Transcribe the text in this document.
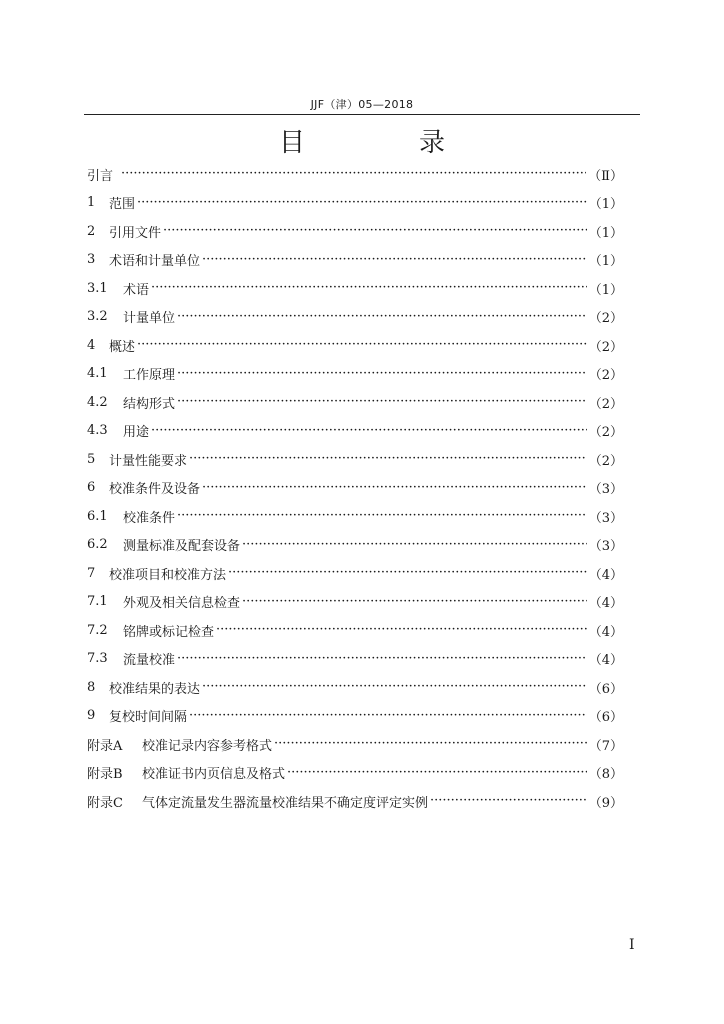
JJF（津）05—2018
目　录
引言 ·····	（Ⅱ）
1	范围 ·····	（1）
2	引用文件 ·····	（1）
3	术语和计量单位 ·····	（1）
3.1	术语 ·····	（1）
3.2	计量单位 ·····	（2）
4	概述 ·····	（2）
4.1	工作原理 ·····	（2）
4.2	结构形式 ·····	（2）
4.3	用途 ·····	（2）
5	计量性能要求 ·····	（2）
6	校准条件及设备 ·····	（3）
6.1	校准条件 ·····	（3）
6.2	测量标准及配套设备 ·····	（3）
7	校准项目和校准方法 ·····	（4）
7.1	外观及相关信息检查 ·····	（4）
7.2	铭牌或标记检查 ·····	（4）
7.3	流量校准 ·····	（4）
8	校准结果的表达 ·····	（6）
9	复校时间间隔 ·····	（6）
附录A	校准记录内容参考格式 ·····	（7）
附录B	校准证书内页信息及格式 ·····	（8）
附录C	气体定流量发生器流量校准结果不确定度评定实例 ·····	（9）
I
